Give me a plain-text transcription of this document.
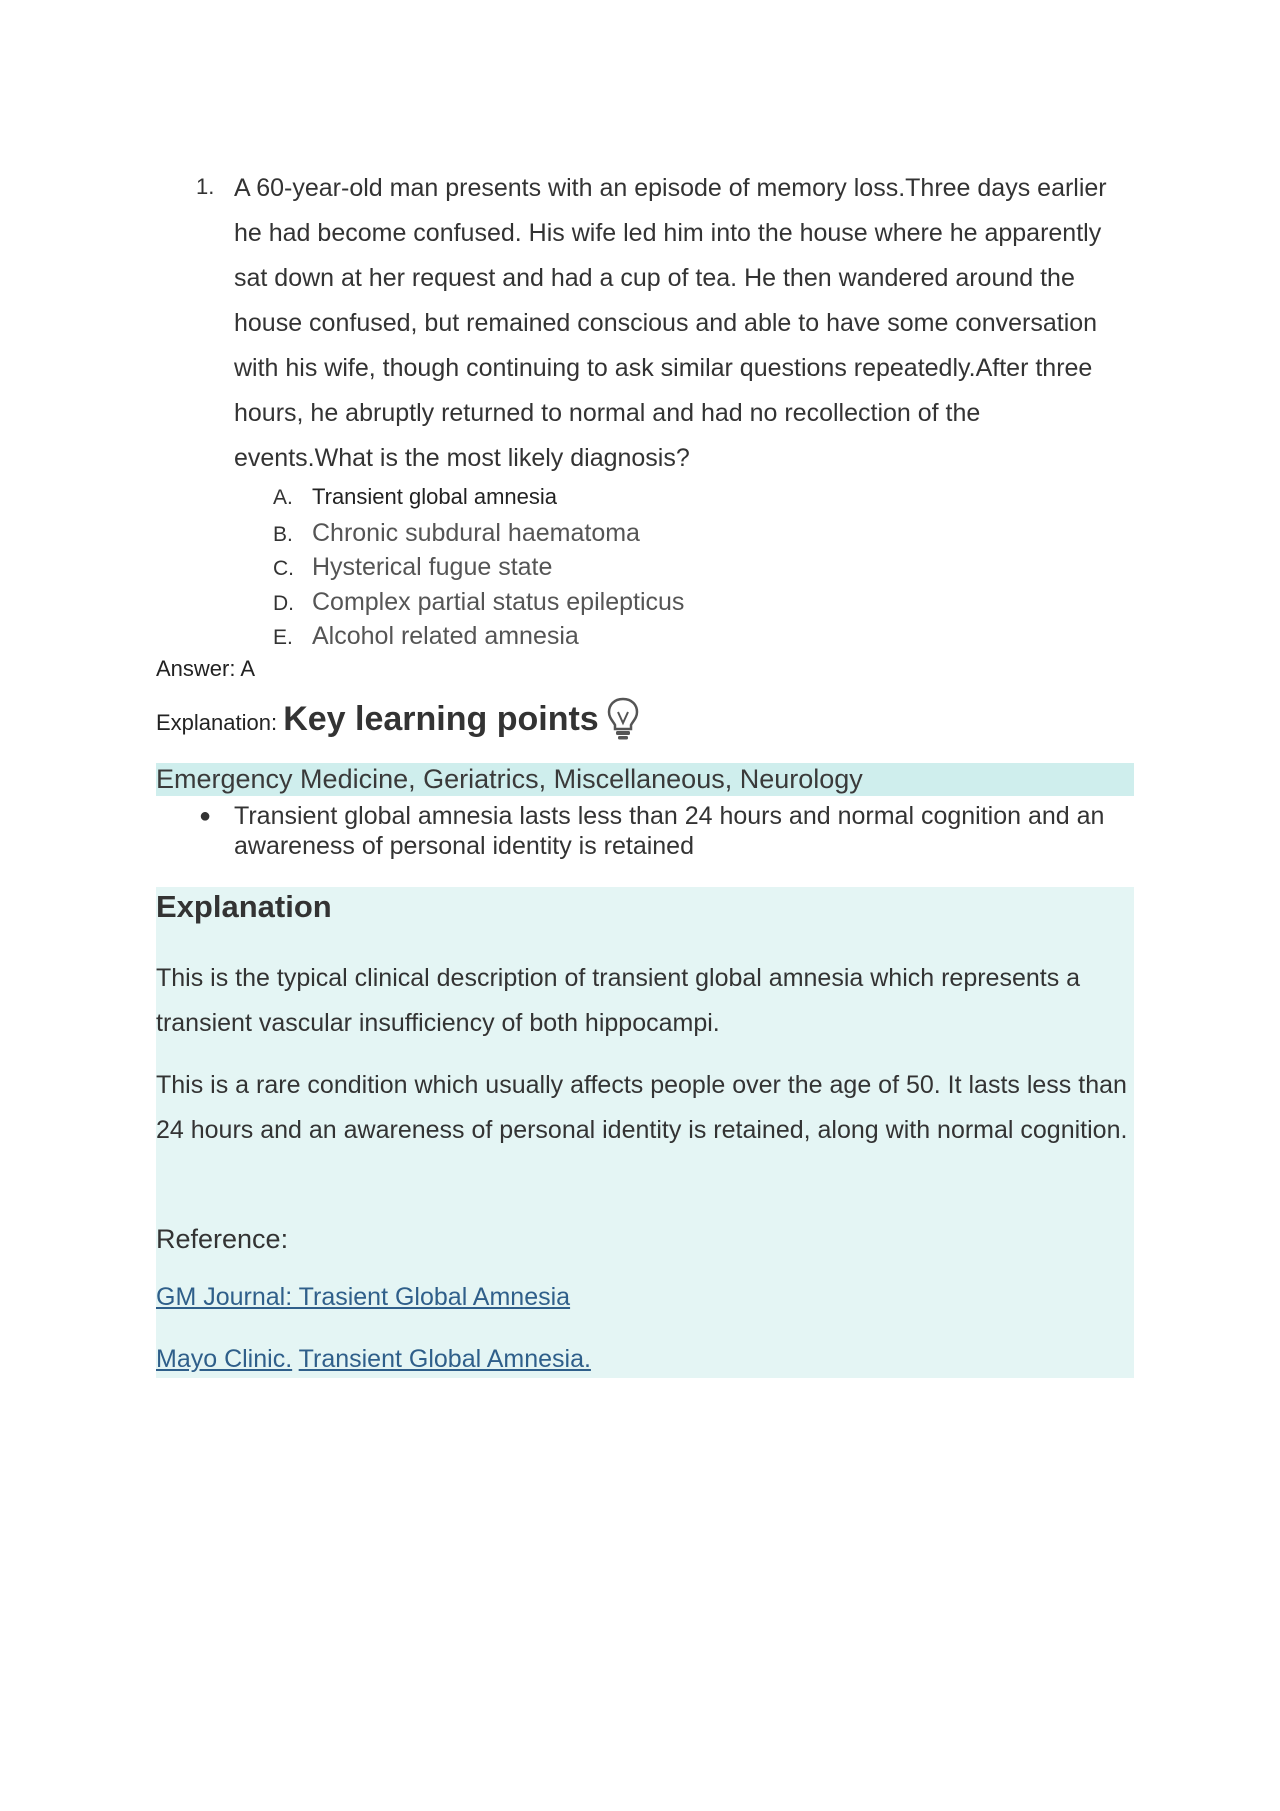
1. A 60-year-old man presents with an episode of memory loss.Three days earlier he had become confused. His wife led him into the house where he apparently sat down at her request and had a cup of tea. He then wandered around the house confused, but remained conscious and able to have some conversation with his wife, though continuing to ask similar questions repeatedly.After three hours, he abruptly returned to normal and had no recollection of the events.What is the most likely diagnosis?
A. Transient global amnesia
B. Chronic subdural haematoma
C. Hysterical fugue state
D. Complex partial status epilepticus
E. Alcohol related amnesia
Answer: A
Explanation: Key learning points
Emergency Medicine, Geriatrics, Miscellaneous, Neurology
● Transient global amnesia lasts less than 24 hours and normal cognition and an awareness of personal identity is retained
Explanation
This is the typical clinical description of transient global amnesia which represents a transient vascular insufficiency of both hippocampi.
This is a rare condition which usually affects people over the age of 50. It lasts less than 24 hours and an awareness of personal identity is retained, along with normal cognition.
Reference:
GM Journal: Trasient Global Amnesia
Mayo Clinic. Transient Global Amnesia.
